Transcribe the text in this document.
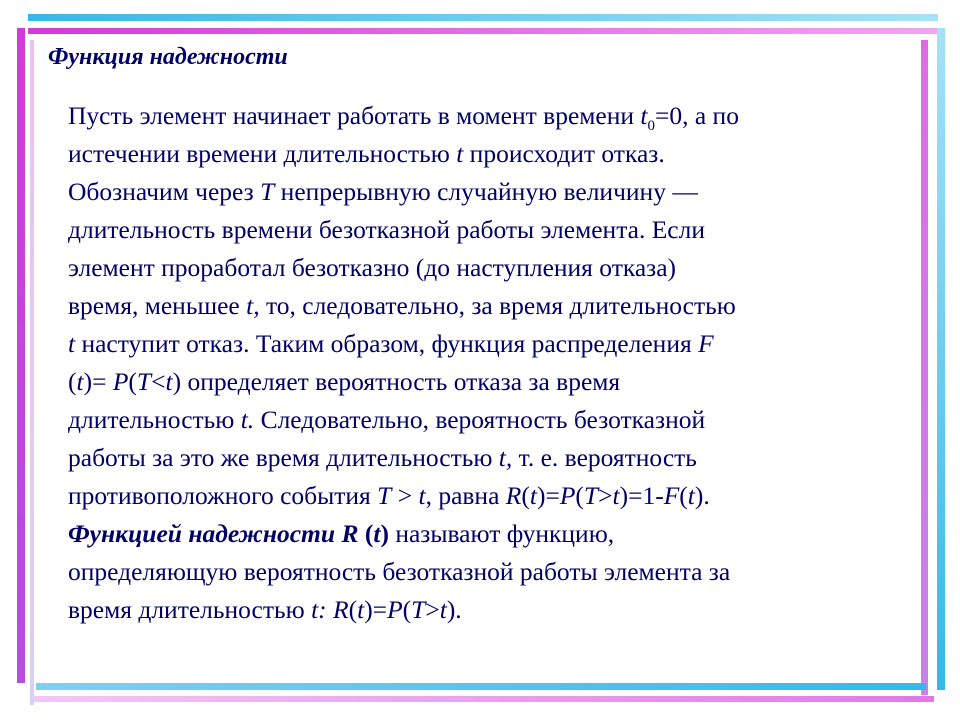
Функция надежности
Пусть элемент начинает работать в момент времени $t_0=0$, а по
истечении времени длительностью t происходит отказ.
Обозначим через T непрерывную случайную величину —
длительность времени безотказной работы элемента. Если
элемент проработал безотказно (до наступления отказа)
время, меньшее t, то, следовательно, за время длительностью
t наступит отказ. Таким образом, функция распределения F
(t)= P(T<t) определяет вероятность отказа за время
длительностью t. Следовательно, вероятность безотказной
работы за это же время длительностью t, т. е. вероятность
противоположного события T > t, равна R(t)=P(T>t)=1-F(t).
Функцией надежности R (t) называют функцию,
определяющую вероятность безотказной работы элемента за
время длительностью t: R(t)=P(T>t).
